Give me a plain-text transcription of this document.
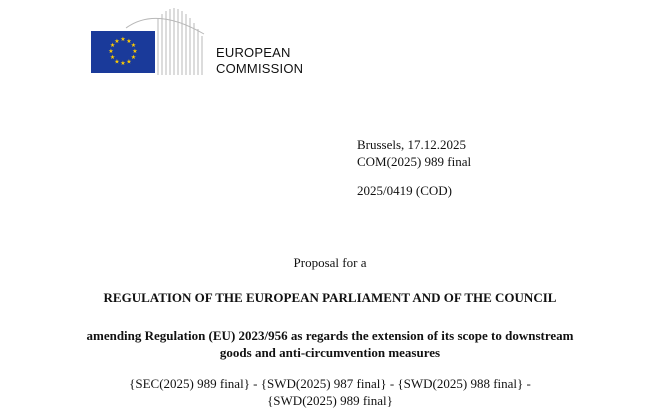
★ ★
★
★
★
★
★
★
★
★
★
★
EUROPEAN
COMMISSION
Brussels, 17.12.2025
COM(2025) 989 final
2025/0419 (COD)
Proposal for a
REGULATION OF THE EUROPEAN PARLIAMENT AND OF THE COUNCIL
amending Regulation (EU) 2023/956 as regards the extension of its scope to downstream
goods and anti-circumvention measures
{SEC(2025) 989 final} - {SWD(2025) 987 final} - {SWD(2025) 988 final} -
{SWD(2025) 989 final}
